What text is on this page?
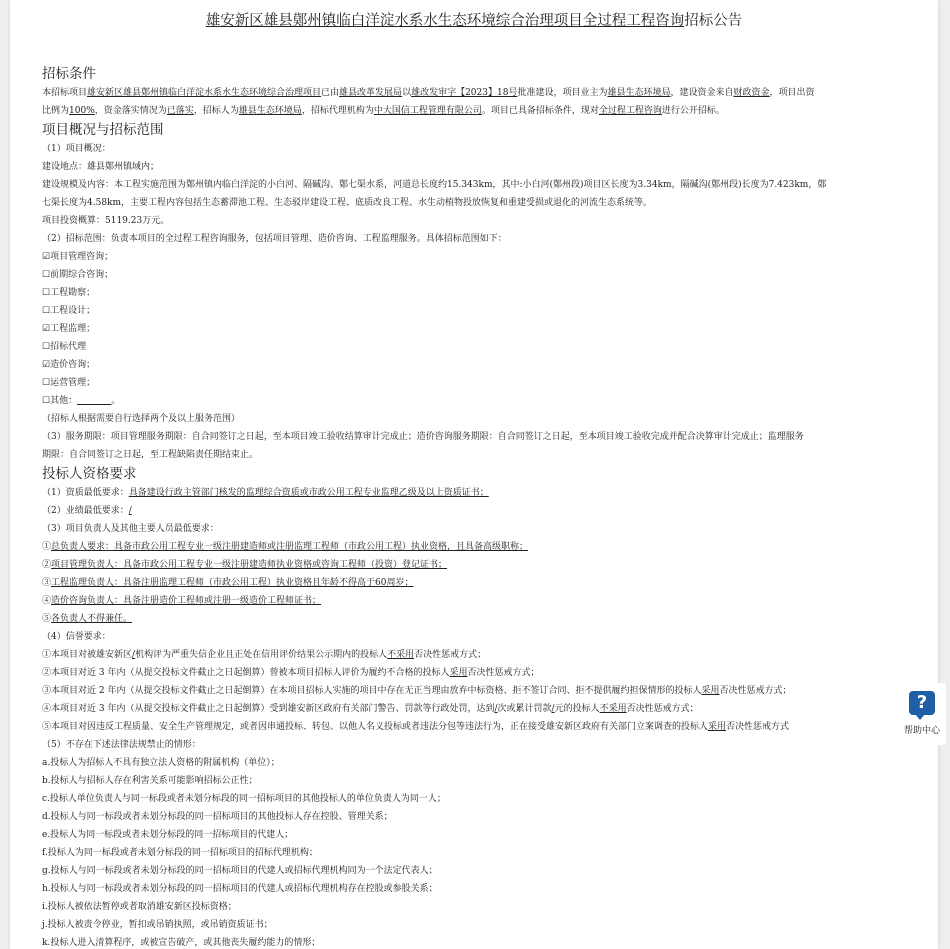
雄安新区雄县鄚州镇临白洋淀水系水生态环境综合治理项目全过程工程咨询招标公告
招标条件

本招标项目雄安新区雄县鄚州镇临白洋淀水系水生态环境综合治理项目已由雄县改革发展局以雄改发审字【2023】18号批准建设，项目业主为雄县生态环境局，建设资金来自财政资金，项目出资

比例为100%，资金落实情况为已落实，招标人为雄县生态环境局，招标代理机构为中大国信工程管理有限公司。项目已具备招标条件，现对全过程工程咨询进行公开招标。

项目概况与招标范围

（1）项目概况：

建设地点：雄县鄚州镇域内；

建设规模及内容：本工程实施范围为鄚州镇内临白洋淀的小白河、隔碱沟、鄚七渠水系，河道总长度约15.343km，其中:小白河(鄚州段)项目区长度为3.34km，隔碱沟(鄚州段)长度为7.423km，鄚

七渠长度为4.58km，主要工程内容包括生态蓄滞池工程、生态驳岸建设工程、底质改良工程、水生动植物投放恢复和重建受损或退化的河流生态系统等。

项目投资概算：5119.23万元。

（2）招标范围：负责本项目的全过程工程咨询服务，包括项目管理、造价咨询、工程监理服务。具体招标范围如下：

☑项目管理咨询；

☐前期综合咨询；

☐工程勘察；

☐工程设计；

☑工程监理；

☐招标代理

☑造价咨询；

☐运营管理；

☐其他：	。

（招标人根据需要自行选择两个及以上服务范围）

（3）服务期限：项目管理服务期限：自合同签订之日起，至本项目竣工验收结算审计完成止；造价咨询服务期限：自合同签订之日起，至本项目竣工验收完成并配合决算审计完成止；监理服务

期限：自合同签订之日起，至工程缺陷责任期结束止。

投标人资格要求

（1）资质最低要求：具备建设行政主管部门核发的监理综合资质或市政公用工程专业监理乙级及以上资质证书；

（2）业绩最低要求：/

（3）项目负责人及其他主要人员最低要求：

①总负责人要求：具备市政公用工程专业一级注册建造师或注册监理工程师（市政公用工程）执业资格，且具备高级职称；

②项目管理负责人：具备市政公用工程专业一级注册建造师执业资格或咨询工程师（投资）登记证书；

③工程监理负责人：具备注册监理工程师（市政公用工程）执业资格且年龄不得高于60周岁；

④造价咨询负责人：具备注册造价工程师或注册一级造价工程师证书；

⑤各负责人不得兼任。

（4）信誉要求：

①本项目对被雄安新区/机构评为严重失信企业且正处在信用评价结果公示期内的投标人不采用否决性惩戒方式；

②本项目对近 3 年内（从提交投标文件截止之日起倒算）曾被本项目招标人评价为履约不合格的投标人采用否决性惩戒方式；

③本项目对近 2 年内（从提交投标文件截止之日起倒算）在本项目招标人实施的项目中存在无正当理由放弃中标资格、拒不签订合同、拒不提供履约担保情形的投标人采用否决性惩戒方式；

④本项目对近 3 年内（从提交投标文件截止之日起倒算）受到雄安新区政府有关部门警告、罚款等行政处罚，达到/次或累计罚款/元的投标人不采用否决性惩戒方式；

⑤本项目对因违反工程质量、安全生产管理规定，或者因串通投标、转包、以他人名义投标或者违法分包等违法行为，正在接受雄安新区政府有关部门立案调查的投标人采用否决性惩戒方式

（5）不存在下述法律法规禁止的情形：

a.投标人为招标人不具有独立法人资格的附属机构（单位）；

b.投标人与招标人存在利害关系可能影响招标公正性；

c.投标人单位负责人与同一标段或者未划分标段的同一招标项目的其他投标人的单位负责人为同一人；

d.投标人与同一标段或者未划分标段的同一招标项目的其他投标人存在控股、管理关系；

e.投标人为同一标段或者未划分标段的同一招标项目的代建人；

f.投标人为同一标段或者未划分标段的同一招标项目的招标代理机构；

g.投标人与同一标段或者未划分标段的同一招标项目的代建人或招标代理机构同为一个法定代表人；

h.投标人与同一标段或者未划分标段的同一招标项目的代建人或招标代理机构存在控股或参股关系；

i.投标人被依法暂停或者取消雄安新区投标资格；

j.投标人被责令停业，暂扣或吊销执照，或吊销资质证书；

k.投标人进入清算程序，或被宣告破产，或其他丧失履约能力的情形；

?
帮助中心
